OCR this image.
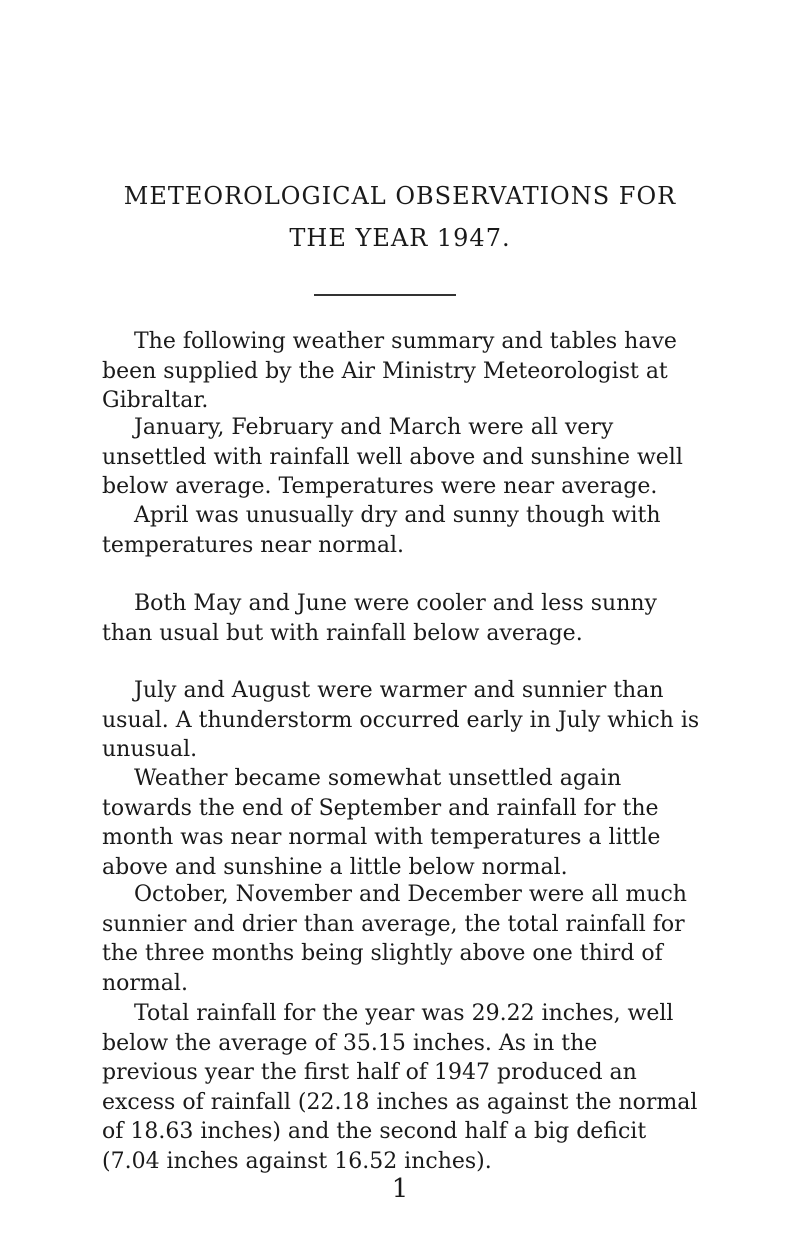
METEOROLOGICAL OBSERVATIONS FOR
THE YEAR 1947.

The following weather summary and tables have been supplied by the Air Ministry Meteorologist at Gibraltar.

January, February and March were all very unsettled with rainfall well above and sunshine well below average. Temperatures were near average.

April was unusually dry and sunny though with temperatures near normal.

Both May and June were cooler and less sunny than usual but with rainfall below average.

July and August were warmer and sunnier than usual. A thunderstorm occurred early in July which is unusual.

Weather became somewhat unsettled again towards the end of September and rainfall for the month was near normal with temperatures a little above and sunshine a little below normal.

October, November and December were all much sunnier and drier than average, the total rainfall for the three months being slightly above one third of normal.

Total rainfall for the year was 29.22 inches, well below the average of 35.15 inches. As in the previous year the first half of 1947 produced an excess of rainfall (22.18 inches as against the normal of 18.63 inches) and the second half a big deficit (7.04 inches against 16.52 inches).

1
